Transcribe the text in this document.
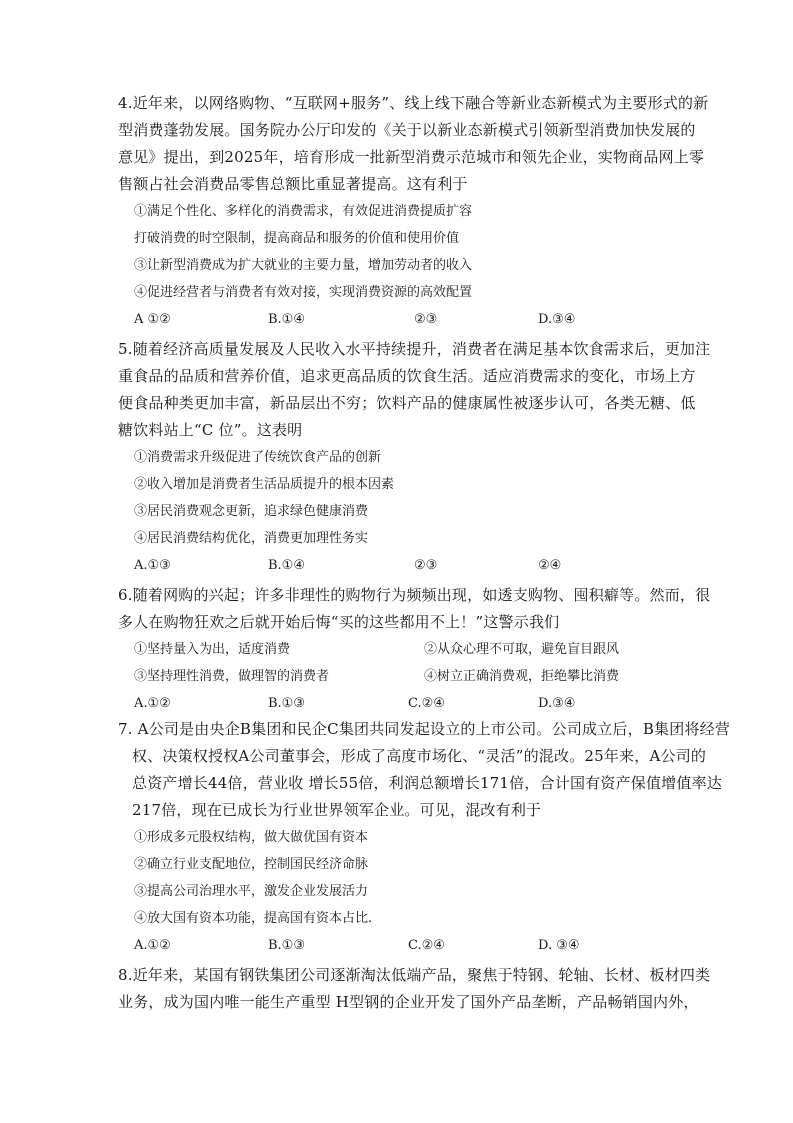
4.近年来，以网络购物、“互联网+服务”、线上线下融合等新业态新模式为主要形式的新
型消费蓬勃发展。国务院办公厅印发的《关于以新业态新模式引领新型消费加快发展的
意见》提出，到2025年，培育形成一批新型消费示范城市和领先企业，实物商品网上零
售额占社会消费品零售总额比重显著提高。这有利于

①满足个性化、多样化的消费需求，有效促进消费提质扩容
打破消费的时空限制，提高商品和服务的价值和使用价值
③让新型消费成为扩大就业的主要力量，增加劳动者的收入
④促进经营者与消费者有效对接，实现消费资源的高效配置
A ①②	B.①④	②③	D.③④

5.随着经济高质量发展及人民收入水平持续提升，消费者在满足基本饮食需求后，更加注
重食品的品质和营养价值，追求更高品质的饮食生活。适应消费需求的变化，市场上方
便食品种类更加丰富，新品层出不穷；饮料产品的健康属性被逐步认可，各类无糖、低
糖饮料站上“C 位”。这表明

①消费需求升级促进了传统饮食产品的创新
②收入增加是消费者生活品质提升的根本因素
③居民消费观念更新，追求绿色健康消费
④居民消费结构优化，消费更加理性务实
A.①③	B.①④	②③	②④

6.随着网购的兴起；许多非理性的购物行为频频出现，如透支购物、囤积癖等。然而，很
多人在购物狂欢之后就开始后悔“买的这些都用不上！”这警示我们

①坚持量入为出，适度消费	②从众心理不可取，避免盲目跟风
③坚持理性消费，做理智的消费者	④树立正确消费观，拒绝攀比消费
A.①②	B.①③	C.②④	D.③④

7. A公司是由央企B集团和民企C集团共同发起设立的上市公司。公司成立后，B集团将经营
权、决策权授权A公司董事会，形成了高度市场化、“灵活”的混改。25年来，A公司的
总资产增长44倍，营业收 增长55倍，利润总额增长171倍，合计国有资产保值增值率达
217倍，现在已成长为行业世界领军企业。可见，混改有利于

①形成多元股权结构，做大做优国有资本
②确立行业支配地位，控制国民经济命脉
③提高公司治理水平，激发企业发展活力
④放大国有资本功能，提高国有资本占比.
A.①②	B.①③	C.②④	D. ③④

8.近年来，某国有钢铁集团公司逐渐淘汰低端产品，聚焦于特钢、轮轴、长材、板材四类
业务，成为国内唯一能生产重型 H型钢的企业开发了国外产品垄断，产品畅销国内外，
